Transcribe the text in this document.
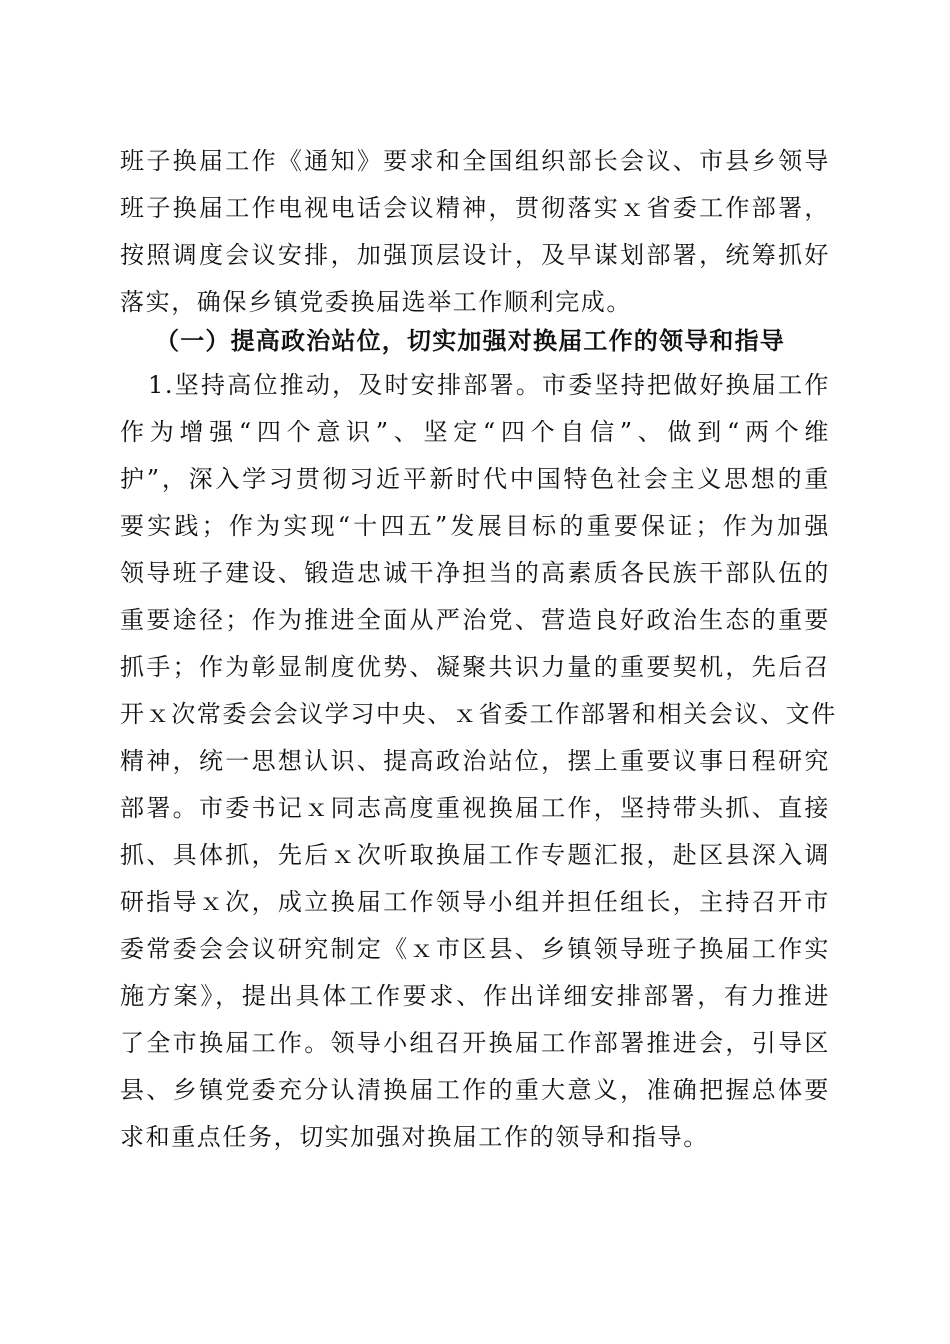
班子换届工作《通知》要求和全国组织部长会议、市县乡领导
班子换届工作电视电话会议精神，贯彻落实ｘ省委工作部署，
按照调度会议安排，加强顶层设计，及早谋划部署，统筹抓好
落实，确保乡镇党委换届选举工作顺利完成。
（一）提高政治站位，切实加强对换届工作的领导和指导
1.坚持高位推动，及时安排部署。市委坚持把做好换届工作
作为增强“四个意识”、坚定“四个自信”、做到“两个维
护”，深入学习贯彻习近平新时代中国特色社会主义思想的重
要实践；作为实现“十四五”发展目标的重要保证；作为加强
领导班子建设、锻造忠诚干净担当的高素质各民族干部队伍的
重要途径；作为推进全面从严治党、营造良好政治生态的重要
抓手；作为彰显制度优势、凝聚共识力量的重要契机，先后召
开ｘ次常委会会议学习中央、ｘ省委工作部署和相关会议、文件
精神，统一思想认识、提高政治站位，摆上重要议事日程研究
部署。市委书记ｘ同志高度重视换届工作，坚持带头抓、直接
抓、具体抓，先后ｘ次听取换届工作专题汇报，赴区县深入调
研指导ｘ次，成立换届工作领导小组并担任组长，主持召开市
委常委会会议研究制定《ｘ市区县、乡镇领导班子换届工作实
施方案》，提出具体工作要求、作出详细安排部署，有力推进
了全市换届工作。领导小组召开换届工作部署推进会，引导区
县、乡镇党委充分认清换届工作的重大意义，准确把握总体要
求和重点任务，切实加强对换届工作的领导和指导。
